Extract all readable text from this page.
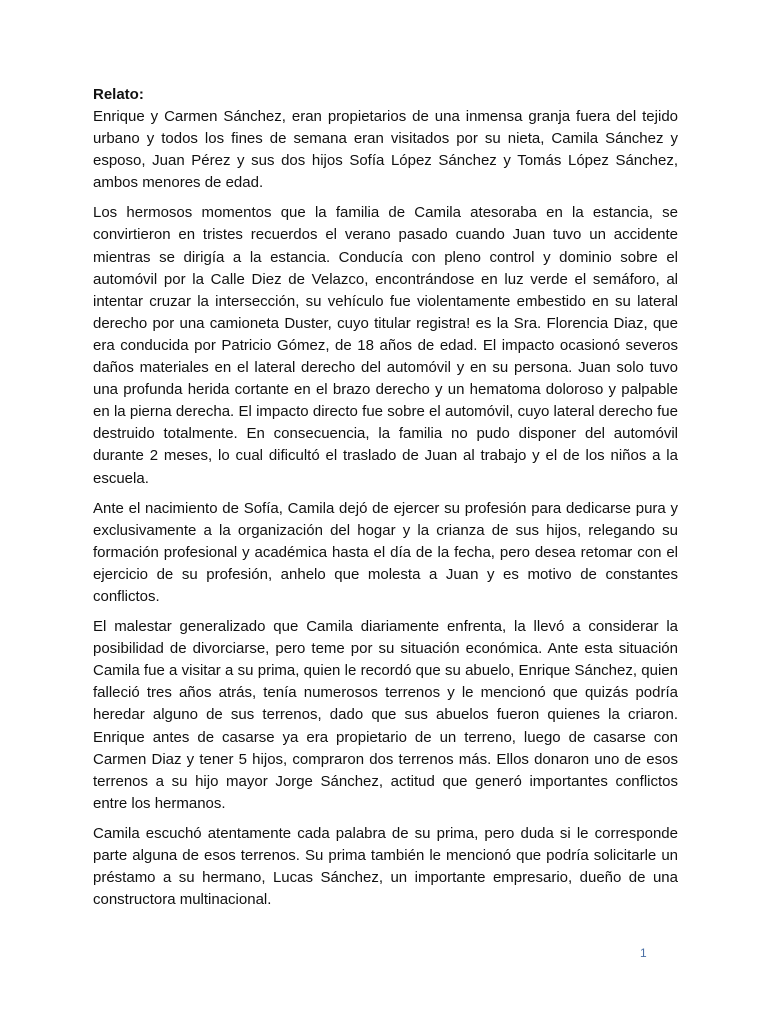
Relato:

Enrique y Carmen Sánchez, eran propietarios de una inmensa granja fuera del tejido urbano y todos los fines de semana eran visitados por su nieta, Camila Sánchez y esposo, Juan Pérez y sus dos hijos Sofía López Sánchez y Tomás López Sánchez, ambos menores de edad.

Los hermosos momentos que la familia de Camila atesoraba en la estancia, se convirtieron en tristes recuerdos el verano pasado cuando Juan tuvo un accidente mientras se dirigía a la estancia. Conducía con pleno control y dominio sobre el automóvil por la Calle Diez de Velazco, encontrándose en luz verde el semáforo, al intentar cruzar la intersección, su vehículo fue violentamente embestido en su lateral derecho por una camioneta Duster, cuyo titular registra! es la Sra. Florencia Diaz, que era conducida por Patricio Gómez, de 18 años de edad. El impacto ocasionó severos daños materiales en el lateral derecho del automóvil y en su persona. Juan solo tuvo una profunda herida cortante en el brazo derecho y un hematoma doloroso y palpable en la pierna derecha. El impacto directo fue sobre el automóvil, cuyo lateral derecho fue destruido totalmente. En consecuencia, la familia no pudo disponer del automóvil durante 2 meses, lo cual dificultó el traslado de Juan al trabajo y el de los niños a la escuela.

Ante el nacimiento de Sofía, Camila dejó de ejercer su profesión para dedicarse pura y exclusivamente a la organización del hogar y la crianza de sus hijos, relegando su formación profesional y académica hasta el día de la fecha, pero desea retomar con el ejercicio de su profesión, anhelo que molesta a Juan y es motivo de constantes conflictos.

El malestar generalizado que Camila diariamente enfrenta, la llevó a considerar la posibilidad de divorciarse, pero teme por su situación económica. Ante esta situación Camila fue a visitar a su prima, quien le recordó que su abuelo, Enrique Sánchez, quien falleció tres años atrás, tenía numerosos terrenos y le mencionó que quizás podría heredar alguno de sus terrenos, dado que sus abuelos fueron quienes la criaron. Enrique antes de casarse ya era propietario de un terreno, luego de casarse con Carmen Diaz y tener 5 hijos, compraron dos terrenos más. Ellos donaron uno de esos terrenos a su hijo mayor Jorge Sánchez, actitud que generó importantes conflictos entre los hermanos.

Camila escuchó atentamente cada palabra de su prima, pero duda si le corresponde parte alguna de esos terrenos. Su prima también le mencionó que podría solicitarle un préstamo a su hermano, Lucas Sánchez, un importante empresario, dueño de una constructora multinacional.

1
